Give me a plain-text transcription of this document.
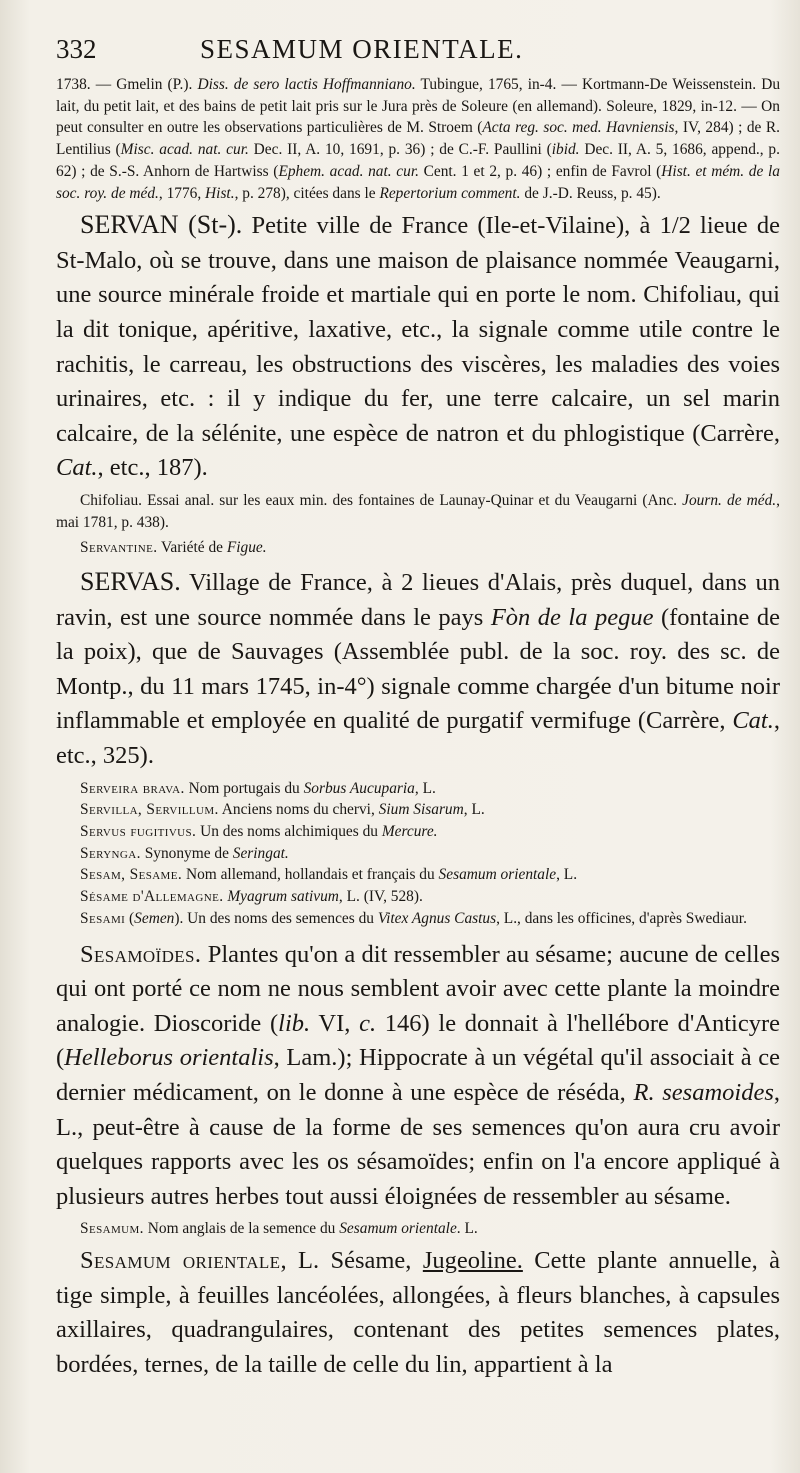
332	SESAMUM ORIENTALE.

1738. — Gmelin (P.). Diss. de sero lactis Hoffmanniano. Tubingue, 1765, in-4. — Kortmann-De Weissenstein. Du lait, du petit lait, et des bains de petit lait pris sur le Jura près de Soleure (en allemand). Soleure, 1829, in-12. — On peut consulter en outre les observations particulières de M. Stroem (Acta reg. soc. med. Havniensis, IV, 284) ; de R. Lentilius (Misc. acad. nat. cur. Dec. II, A. 10, 1691, p. 36) ; de C.-F. Paullini (ibid. Dec. II, A. 5, 1686, append., p. 62) ; de S.-S. Anhorn de Hartwiss (Ephem. acad. nat. cur. Cent. 1 et 2, p. 46) ; enfin de Favrol (Hist. et mém. de la soc. roy. de méd., 1776, Hist., p. 278), citées dans le Repertorium comment. de J.-D. Reuss, p. 45).

SERVAN (St-). Petite ville de France (Ile-et-Vilaine), à 1/2 lieue de St-Malo, où se trouve, dans une maison de plaisance nommée Veaugarni, une source minérale froide et martiale qui en porte le nom. Chifoliau, qui la dit tonique, apéritive, laxative, etc., la signale comme utile contre le rachitis, le carreau, les obstructions des viscères, les maladies des voies urinaires, etc. : il y indique du fer, une terre calcaire, un sel marin calcaire, de la sélénite, une espèce de natron et du phlogistique (Carrère, Cat., etc., 187).

Chifoliau. Essai anal. sur les eaux min. des fontaines de Launay-Quinar et du Veaugarni (Anc. Journ. de méd., mai 1781, p. 438).

Servantine. Variété de Figue.

SERVAS. Village de France, à 2 lieues d'Alais, près duquel, dans un ravin, est une source nommée dans le pays Fòn de la pegue (fontaine de la poix), que de Sauvages (Assemblée publ. de la soc. roy. des sc. de Montp., du 11 mars 1745, in-4°) signale comme chargée d'un bitume noir inflammable et employée en qualité de purgatif vermifuge (Carrère, Cat., etc., 325).

Serveira brava. Nom portugais du Sorbus Aucuparia, L.

Servilla, Servillum. Anciens noms du chervi, Sium Sisarum, L.

Servus fugitivus. Un des noms alchimiques du Mercure.

Serynga. Synonyme de Seringat.

Sesam, Sesame. Nom allemand, hollandais et français du Sesamum orientale, L.

Sésame d'Allemagne. Myagrum sativum, L. (IV, 528).

Sesami (Semen). Un des noms des semences du Vitex Agnus Castus, L., dans les officines, d'après Swediaur.

Sesamoïdes. Plantes qu'on a dit ressembler au sésame; aucune de celles qui ont porté ce nom ne nous semblent avoir avec cette plante la moindre analogie. Dioscoride (lib. VI, c. 146) le donnait à l'hellébore d'Anticyre (Helleborus orientalis, Lam.); Hippocrate à un végétal qu'il associait à ce dernier médicament, on le donne à une espèce de réséda, R. sesamoides, L., peut-être à cause de la forme de ses semences qu'on aura cru avoir quelques rapports avec les os sésamoïdes; enfin on l'a encore appliqué à plusieurs autres herbes tout aussi éloignées de ressembler au sésame.

Sesamum. Nom anglais de la semence du Sesamum orientale. L.

Sesamum orientale, L. Sésame, Jugeoline. Cette plante annuelle, à tige simple, à feuilles lancéolées, allongées, à fleurs blanches, à capsules axillaires, quadrangulaires, contenant des petites semences plates, bordées, ternes, de la taille de celle du lin, appartient à la
